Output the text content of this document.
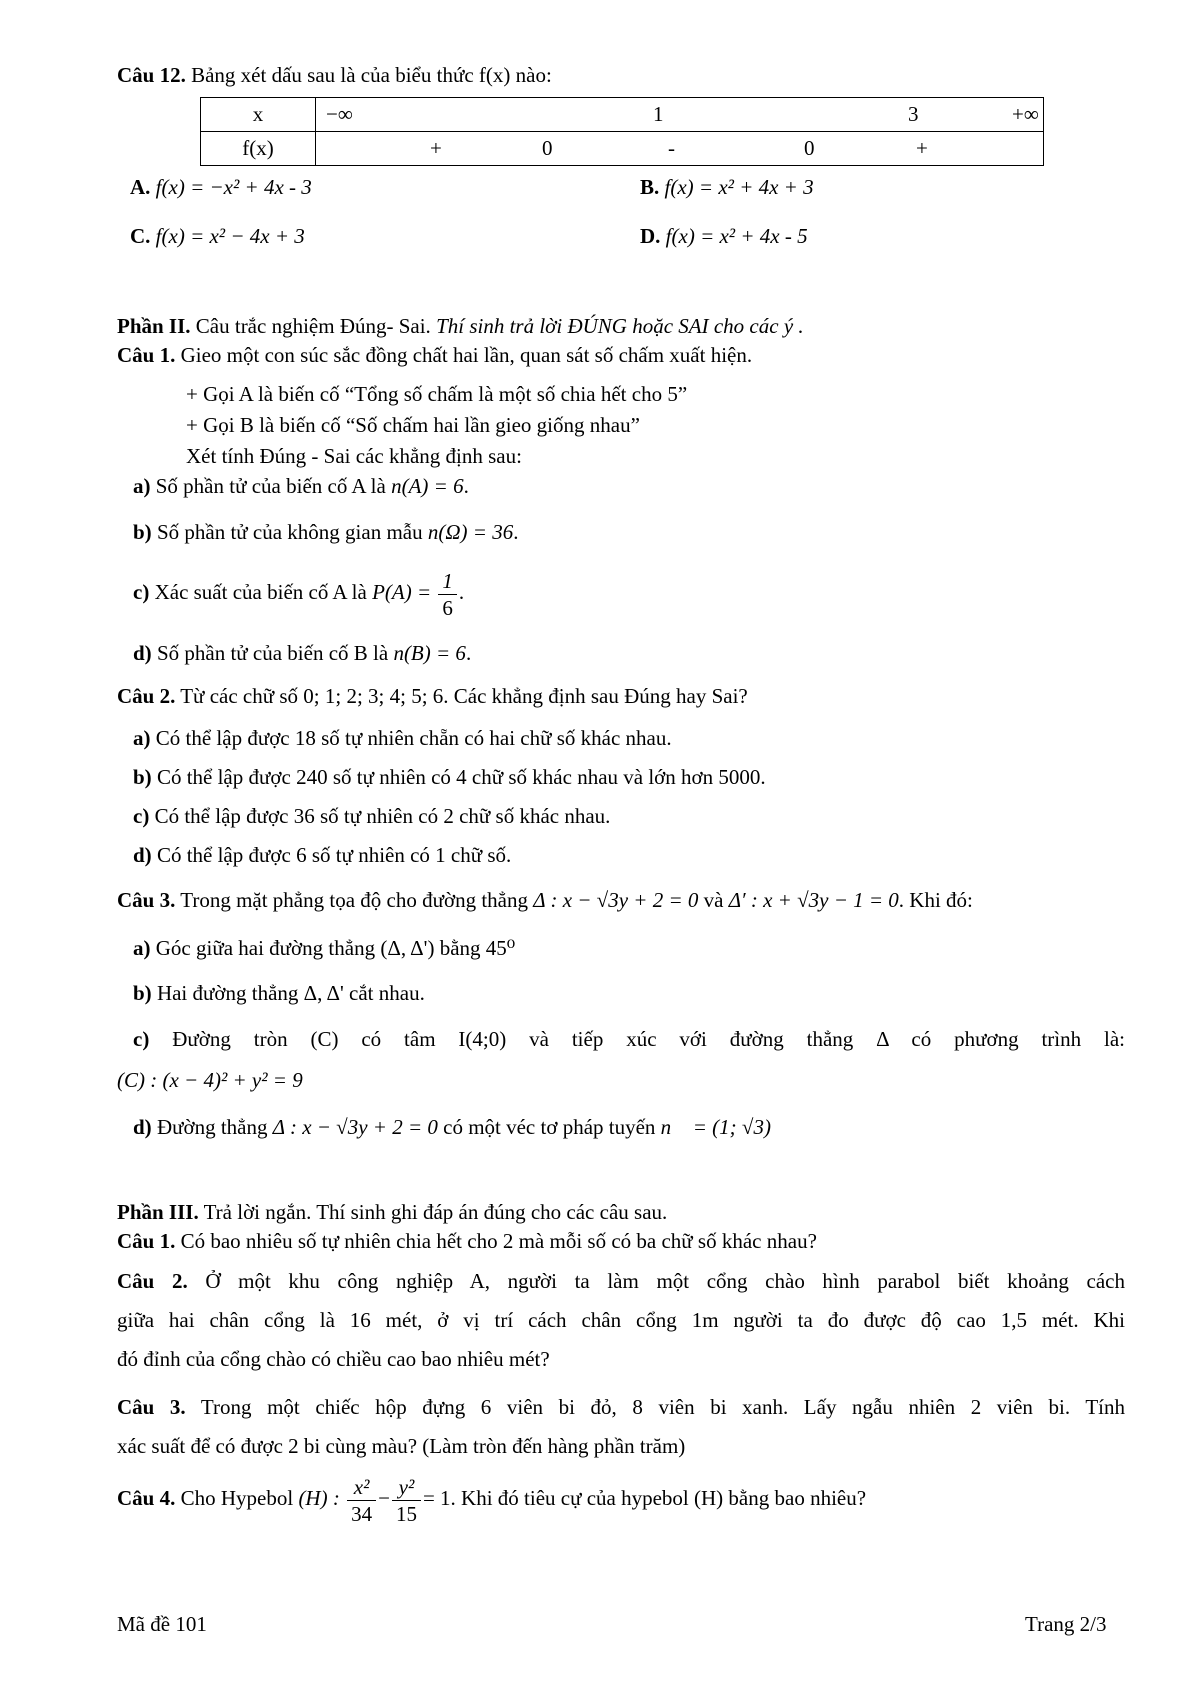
Câu 12. Bảng xét dấu sau là của biểu thức f(x) nào:
x	−∞ 1 3 +∞

f(x)	+ 0 - 0 +
A. f(x) = −x² + 4x - 3	B. f(x) = x² + 4x + 3
C. f(x) = x² − 4x + 3	D. f(x) = x² + 4x - 5
Phần II. Câu trắc nghiệm Đúng- Sai. Thí sinh trả lời ĐÚNG hoặc SAI cho các ý .
Câu 1. Gieo một con súc sắc đồng chất hai lần, quan sát số chấm xuất hiện.
+ Gọi A là biến cố “Tổng số chấm là một số chia hết cho 5”
+ Gọi B là biến cố “Số chấm hai lần gieo giống nhau”
Xét tính Đúng - Sai các khẳng định sau:
a) Số phần tử của biến cố A là n(A) = 6.
b) Số phần tử của không gian mẫu n(Ω) = 36.
c) Xác suất của biến cố A là $P(A) = \frac{1}{6}$ .
d) Số phần tử của biến cố B là n(B) = 6.
Câu 2. Từ các chữ số 0; 1; 2; 3; 4; 5; 6. Các khẳng định sau Đúng hay Sai?
a) Có thể lập được 18 số tự nhiên chẵn có hai chữ số khác nhau.
b) Có thể lập được 240 số tự nhiên có 4 chữ số khác nhau và lớn hơn 5000.
c) Có thể lập được 36 số tự nhiên có 2 chữ số khác nhau.
d) Có thể lập được 6 số tự nhiên có 1 chữ số.
Câu 3. Trong mặt phẳng tọa độ cho đường thẳng Δ : x − √3y + 2 = 0 và Δ′ : x + √3y − 1 = 0. Khi đó:
a) Góc giữa hai đường thẳng (Δ, Δ') bằng 45⁰
b) Hai đường thẳng Δ, Δ' cắt nhau.
c) Đường tròn (C) có tâm I(4;0) và tiếp xúc với đường thẳng Δ có phương trình là:
(C) : (x − 4)² + y² = 9
d) Đường thẳng Δ : x − √3y + 2 = 0 có một véc tơ pháp tuyến n⃗ = (1; √3)
Phần III. Trả lời ngắn. Thí sinh ghi đáp án đúng cho các câu sau.
Câu 1. Có bao nhiêu số tự nhiên chia hết cho 2 mà mỗi số có ba chữ số khác nhau?
Câu 2. Ở một khu công nghiệp A, người ta làm một cổng chào hình parabol biết khoảng cách
giữa hai chân cổng là 16 mét, ở vị trí cách chân cổng 1m người ta đo được độ cao 1,5 mét. Khi
đó đỉnh của cổng chào có chiều cao bao nhiêu mét?
Câu 3. Trong một chiếc hộp đựng 6 viên bi đỏ, 8 viên bi xanh. Lấy ngẫu nhiên 2 viên bi. Tính
xác suất để có được 2 bi cùng màu? (Làm tròn đến hàng phần trăm)
Câu 4. Cho Hypebol (H) : $\frac{\text{x²}}{34} - \frac{\text{y²}}{15} = 1$. Khi đó tiêu cự của hypebol (H) bằng bao nhiêu?
Mã đề 101	Trang 2/3
